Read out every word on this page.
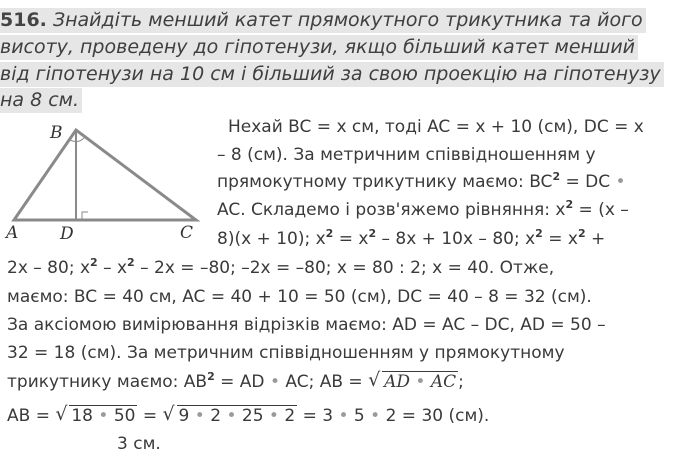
516. Знайдіть менший катет прямокутного трикутника та його
висоту, проведену до гіпотенузи, якщо більший катет менший
від гіпотенузи на 10 см і більший за свою проекцію на гіпотенузу
на 8 см.
B
A D	C
Нехай BC = x см, тоді AC = x + 10 (см), DC = x
– 8 (см). За метричним співвідношенням у
прямокутному трикутнику маємо: $BC^2$ = DC •
AC. Складемо і розв'яжемо рівняння: $x^2 = (x$ –
8)(x + 10); $x^2 = x^2 - 8x + 10x - 80$; $x^2 = x^2$ +
2x – 80; $x^2 - x^2 - 2x = -80$; –2x = –80; x = 80 : 2; x = 40. Отже,
маємо: BC = 40 см, AC = 40 + 10 = 50 (см), DC = 40 – 8 = 32 (см).
За аксіомою вимірювання відрізків маємо: AD = AC – DC, AD = 50 –
32 = 18 (см). За метричним співвідношенням у прямокутному
трикутнику маємо: $AB^2$ = AD • AC; AB = √ AD • AC ;
AB = √ 18 • 50 = √ 9 • 2 • 25 • 2 = 3 • 5 • 2 = 30 (см).
3 см.
